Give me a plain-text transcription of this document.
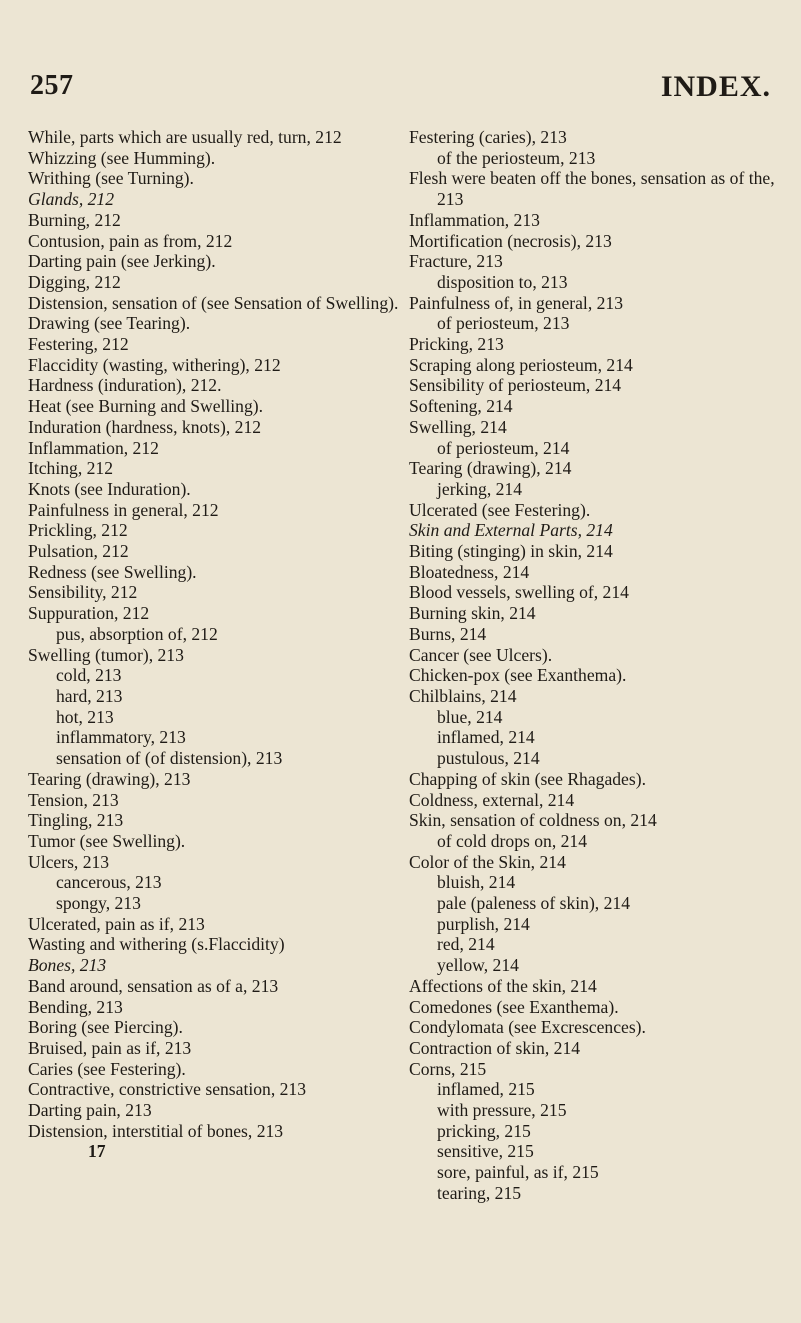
257	INDEX.
While, parts which are usually red, turn, 212
Whizzing (see Humming).
Writhing (see Turning).
Glands, 212
Burning, 212
Contusion, pain as from, 212
Darting pain (see Jerking).
Digging, 212
Distension, sensation of (see Sensation of Swelling).
Drawing (see Tearing).
Festering, 212
Flaccidity (wasting, withering), 212
Hardness (induration), 212.
Heat (see Burning and Swelling).
Induration (hardness, knots), 212
Inflammation, 212
Itching, 212
Knots (see Induration).
Painfulness in general, 212
Prickling, 212
Pulsation, 212
Redness (see Swelling).
Sensibility, 212
Suppuration, 212
pus, absorption of, 212
Swelling (tumor), 213
cold, 213
hard, 213
hot, 213
inflammatory, 213
sensation of (of distension), 213
Tearing (drawing), 213
Tension, 213
Tingling, 213
Tumor (see Swelling).
Ulcers, 213
cancerous, 213
spongy, 213
Ulcerated, pain as if, 213
Wasting and withering (s.Flaccidity)
Bones, 213
Band around, sensation as of a, 213
Bending, 213
Boring (see Piercing).
Bruised, pain as if, 213
Caries (see Festering).
Contractive, constrictive sensation, 213
Darting pain, 213
Distension, interstitial of bones, 213
17
Festering (caries), 213
of the periosteum, 213
Flesh were beaten off the bones, sensation as of the, 213
Inflammation, 213
Mortification (necrosis), 213
Fracture, 213
disposition to, 213
Painfulness of, in general, 213
of periosteum, 213
Pricking, 213
Scraping along periosteum, 214
Sensibility of periosteum, 214
Softening, 214
Swelling, 214
of periosteum, 214
Tearing (drawing), 214
jerking, 214
Ulcerated (see Festering).
Skin and External Parts, 214
Biting (stinging) in skin, 214
Bloatedness, 214
Blood vessels, swelling of, 214
Burning skin, 214
Burns, 214
Cancer (see Ulcers).
Chicken-pox (see Exanthema).
Chilblains, 214
blue, 214
inflamed, 214
pustulous, 214
Chapping of skin (see Rhagades).
Coldness, external, 214
Skin, sensation of coldness on, 214
of cold drops on, 214
Color of the Skin, 214
bluish, 214
pale (paleness of skin), 214
purplish, 214
red, 214
yellow, 214
Affections of the skin, 214
Comedones (see Exanthema).
Condylomata (see Excrescences).
Contraction of skin, 214
Corns, 215
inflamed, 215
with pressure, 215
pricking, 215
sensitive, 215
sore, painful, as if, 215
tearing, 215
